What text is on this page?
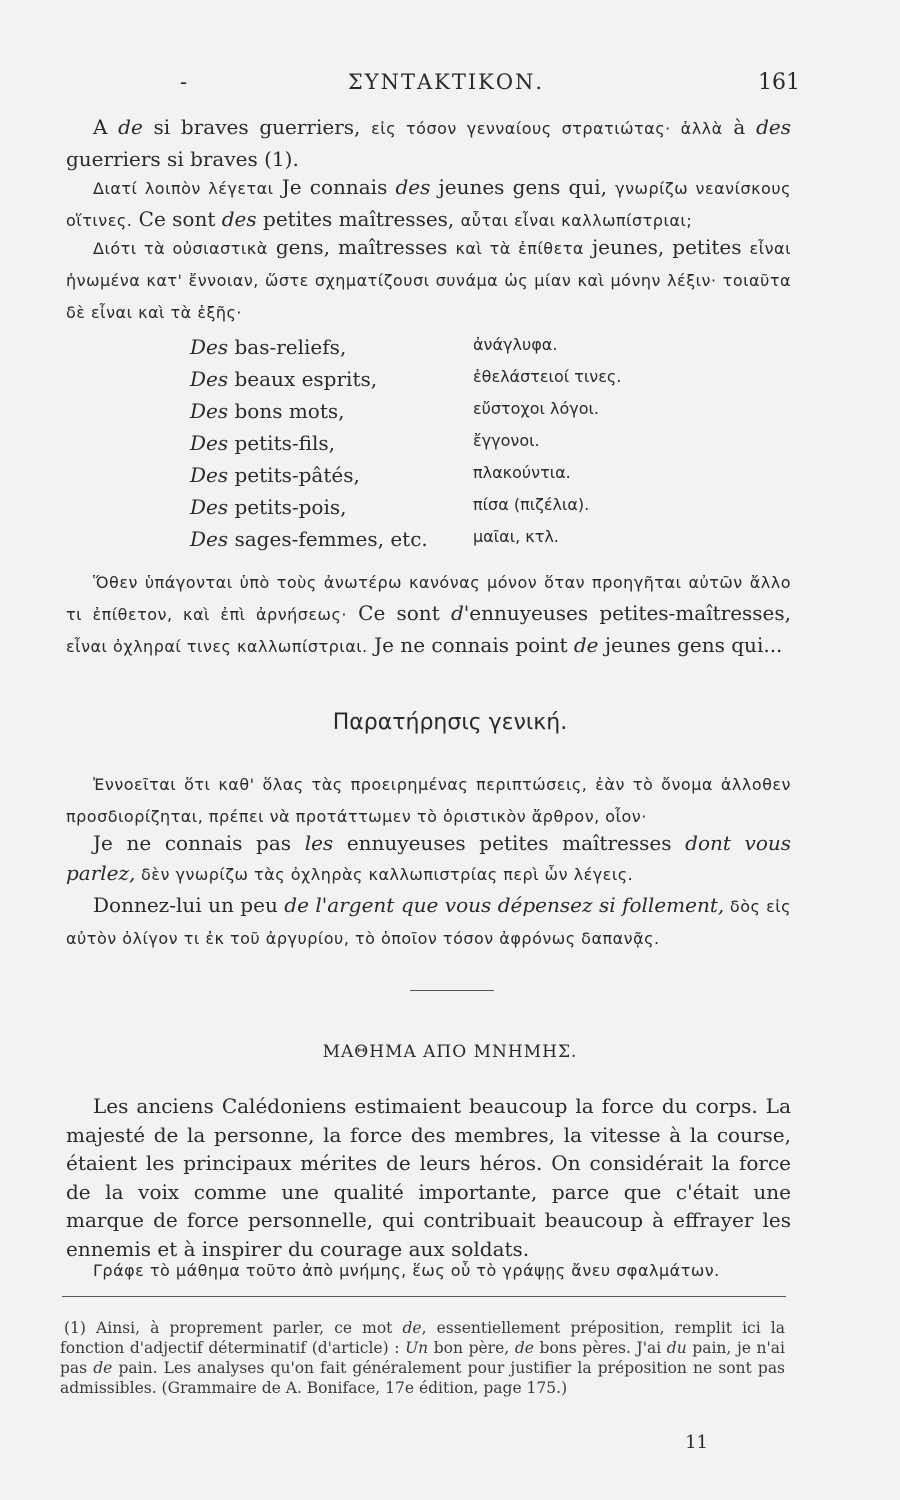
-	ΣΥΝΤΑΚΤΙΚΟΝ.	161
A de si braves guerriers, εἰς τόσον γενναίους στρατιώτας· ἀλλὰ à des guerriers si braves (1).
Διατί λοιπὸν λέγεται Je connais des jeunes gens qui, γνωρίζω νεανίσκους οἵτινες. Ce sont des petites maîtresses, αὗται εἶναι καλλωπίστριαι;
Διότι τὰ οὐσιαστικὰ gens, maîtresses καὶ τὰ ἐπίθετα jeunes, petites εἶναι ἡνωμένα κατ' ἔννοιαν, ὥστε σχηματίζουσι συνάμα ὡς μίαν καὶ μόνην λέξιν· τοιαῦτα δὲ εἶναι καὶ τὰ ἑξῆς·
Des bas-reliefs,	ἀνάγλυφα.
Des beaux esprits,	ἐθελάστειοί τινες.
Des bons mots,	εὔστοχοι λόγοι.
Des petits-fils,	ἔγγονοι.
Des petits-pâtés,	πλακούντια.
Des petits-pois,	πίσα (πιζέλια).
Des sages-femmes, etc.	μαῖαι, κτλ.
Ὅθεν ὑπάγονται ὑπὸ τοὺς ἀνωτέρω κανόνας μόνον ὅταν προηγῆται αὐτῶν ἄλλο τι ἐπίθετον, καὶ ἐπὶ ἀρνήσεως· Ce sont d'ennuyeuses petites-maîtresses, εἶναι ὀχληραί τινες καλλωπίστριαι. Je ne connais point de jeunes gens qui...
Παρατήρησις γενική.
Ἐννοεῖται ὅτι καθ' ὅλας τὰς προειρημένας περιπτώσεις, ἐὰν τὸ ὄνομα ἀλλοθεν προσδιορίζηται, πρέπει νὰ προτάττωμεν τὸ ὁριστικὸν ἄρθρον, οἷον·
Je ne connais pas les ennuyeuses petites maîtresses dont vous parlez, δὲν γνωρίζω τὰς ὀχληρὰς καλλωπιστρίας περὶ ὧν λέγεις.
Donnez-lui un peu de l'argent que vous dépensez si follement, δὸς εἰς αὐτὸν ὀλίγον τι ἐκ τοῦ ἀργυρίου, τὸ ὁποῖον τόσον ἀφρόνως δαπανᾷς.
ΜΑΘΗΜΑ ΑΠΟ ΜΝΗΜΗΣ.
Les anciens Calédoniens estimaient beaucoup la force du corps. La majesté de la personne, la force des membres, la vitesse à la course, étaient les principaux mérites de leurs héros. On considérait la force de la voix comme une qualité importante, parce que c'était une marque de force personnelle, qui contribuait beaucoup à effrayer les ennemis et à inspirer du courage aux soldats.
Γράφε τὸ μάθημα τοῦτο ἀπὸ μνήμης, ἕως οὗ τὸ γράψῃς ἄνευ σφαλμάτων.
(1) Ainsi, à proprement parler, ce mot de, essentiellement préposition, remplit ici la fonction d'adjectif déterminatif (d'article) : Un bon père, de bons pères. J'ai du pain, je n'ai pas de pain. Les analyses qu'on fait généralement pour justifier la préposition ne sont pas admissibles. (Grammaire de A. Boniface, 17e édition, page 175.)
11
